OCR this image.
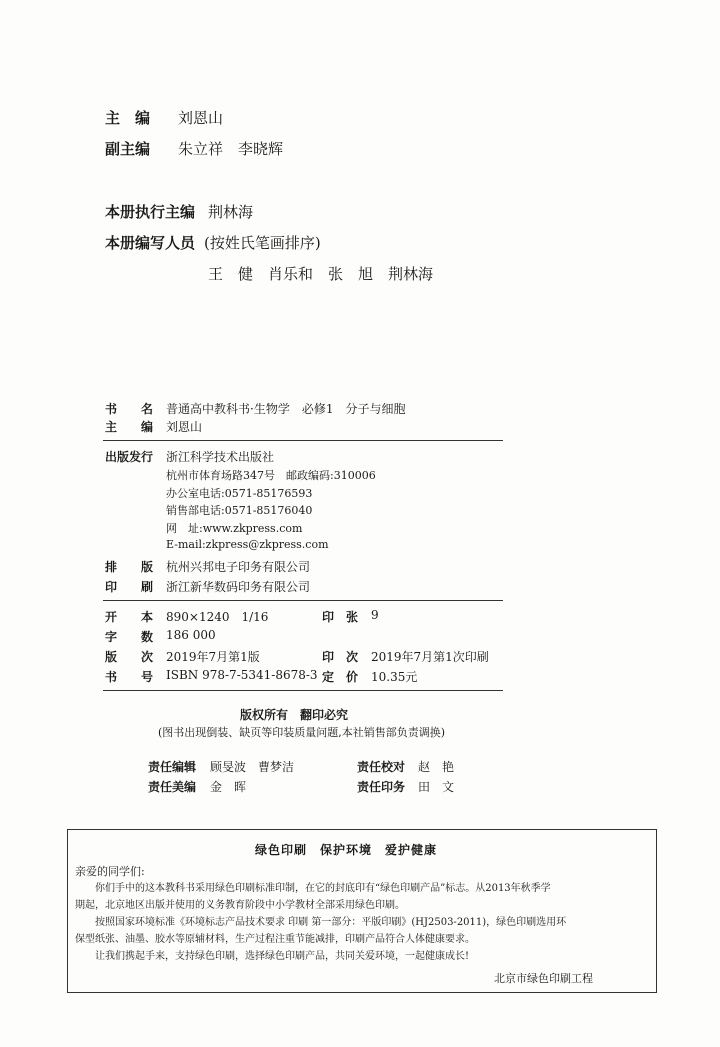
主　编 刘恩山
副主编 朱立祥　李晓辉
本册执行主编 荆林海
本册编写人员 (按姓氏笔画排序)
王　健　肖乐和　张　旭　荆林海
书　　名 普通高中教科书·生物学　必修1　分子与细胞
主　　编 刘恩山
出版发行 浙江科学技术出版社
杭州市体育场路347号　邮政编码:310006
办公室电话:0571-85176593
销售部电话:0571-85176040
网　址:www.zkpress.com
E-mail:zkpress@zkpress.com
排　　版 杭州兴邦电子印务有限公司
印　　刷 浙江新华数码印务有限公司
开　　本 890×1240　1/16	印　张 9
字　　数 186 000
版　　次 2019年7月第1版	印　次 2019年7月第1次印刷
书　　号 ISBN 978-7-5341-8678-3 定　价 10.35元
版权所有　翻印必究
(图书出现倒装、缺页等印装质量问题,本社销售部负责调换)
责任编辑 顾旻波　曹梦洁	责任校对 赵　艳
责任美编 金　晖	责任印务 田　文
绿色印刷　保护环境　爱护健康
亲爱的同学们:
你们手中的这本教科书采用绿色印刷标准印制，在它的封底印有“绿色印刷产品”标志。从2013年秋季学
期起，北京地区出版并使用的义务教育阶段中小学教材全部采用绿色印刷。
按照国家环境标准《环境标志产品技术要求 印刷 第一部分：平版印刷》(HJ2503-2011)，绿色印刷选用环
保型纸张、油墨、胶水等原辅材料，生产过程注重节能减排，印刷产品符合人体健康要求。
让我们携起手来，支持绿色印刷，选择绿色印刷产品，共同关爱环境，一起健康成长!
北京市绿色印刷工程
